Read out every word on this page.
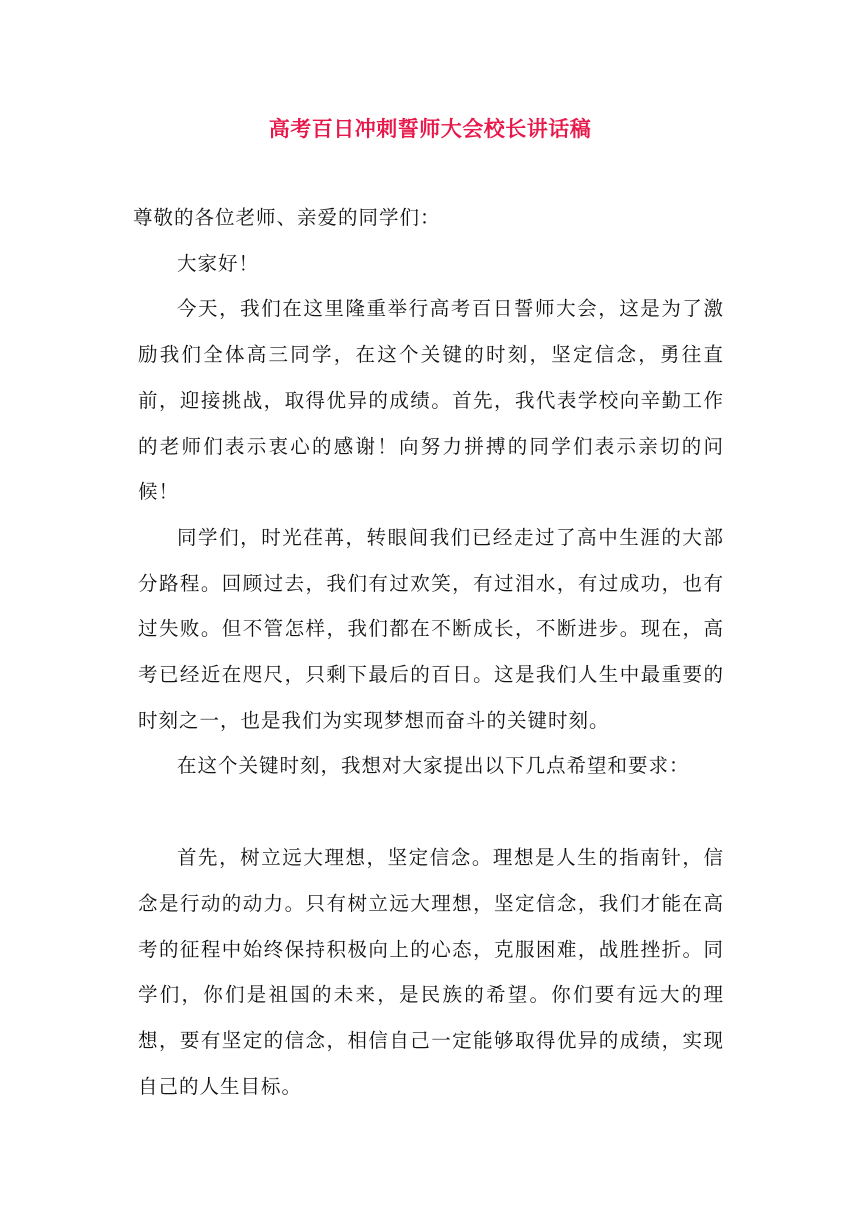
高考百日冲刺誓师大会校长讲话稿

尊敬的各位老师、亲爱的同学们：

大家好！

今天，我们在这里隆重举行高考百日誓师大会，这是为了激励我们全体高三同学，在这个关键的时刻，坚定信念，勇往直前，迎接挑战，取得优异的成绩。首先，我代表学校向辛勤工作的老师们表示衷心的感谢！向努力拼搏的同学们表示亲切的问候！

同学们，时光荏苒，转眼间我们已经走过了高中生涯的大部分路程。回顾过去，我们有过欢笑，有过泪水，有过成功，也有过失败。但不管怎样，我们都在不断成长，不断进步。现在，高考已经近在咫尺，只剩下最后的百日。这是我们人生中最重要的时刻之一，也是我们为实现梦想而奋斗的关键时刻。

在这个关键时刻，我想对大家提出以下几点希望和要求：

首先，树立远大理想，坚定信念。理想是人生的指南针，信念是行动的动力。只有树立远大理想，坚定信念，我们才能在高考的征程中始终保持积极向上的心态，克服困难，战胜挫折。同学们，你们是祖国的未来，是民族的希望。你们要有远大的理想，要有坚定的信念，相信自己一定能够取得优异的成绩，实现自己的人生目标。
